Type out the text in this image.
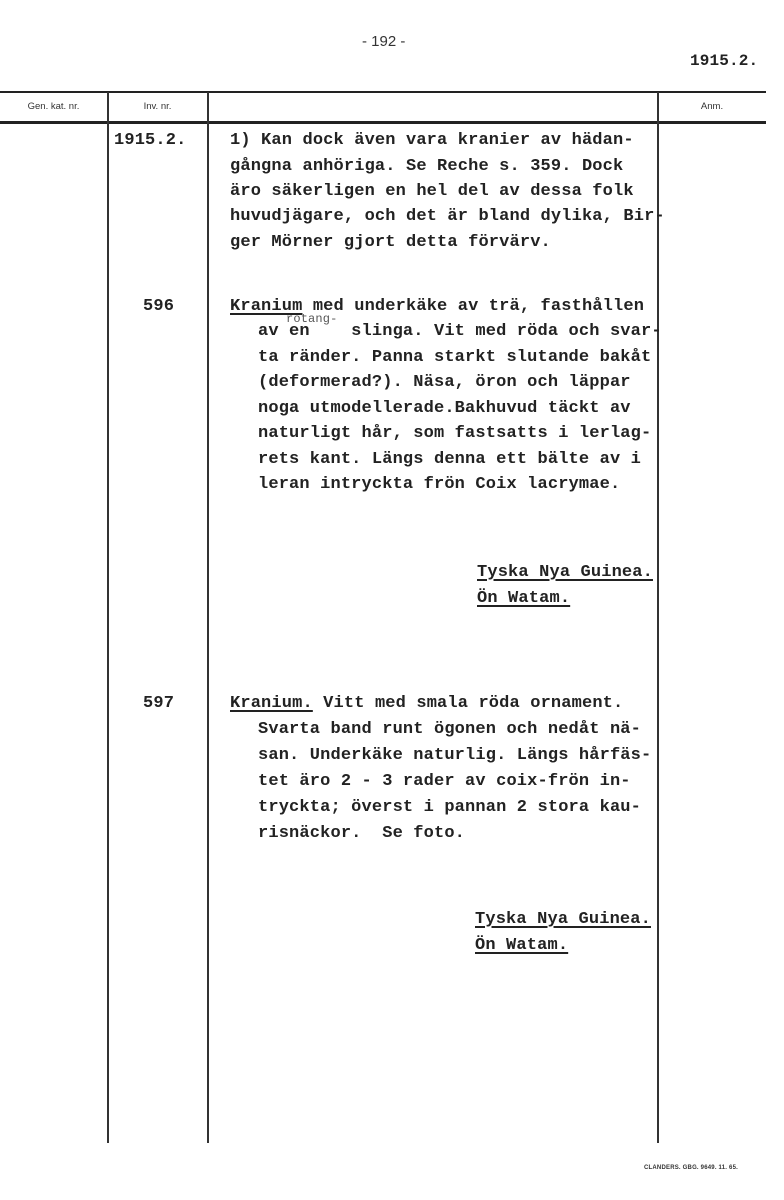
- 192 -
1915.2.
Gen. kat. nr.	Inv. nr.	Anm.
1915.2.	1) Kan dock även vara kranier av hädan-
gångna anhöriga. Se Reche s. 359. Dock
äro säkerligen en hel del av dessa folk
huvudjägare, och det är bland dylika, Bir-
ger Mörner gjort detta förvärv.
596	Kranium med underkäke av trä, fasthållen
rotang-
av en    slinga. Vit med röda och svar-
ta ränder. Panna starkt slutande bakåt
(deformerad?). Näsa, öron och läppar
noga utmodellerade.Bakhuvud täckt av
naturligt hår, som fastsatts i lerlag-
rets kant. Längs denna ett bälte av i
leran intryckta frön Coix lacrymae.
Tyska Nya Guinea.
Ön Watam.
597	Kranium. Vitt med smala röda ornament.
Svarta band runt ögonen och nedåt nä-
san. Underkäke naturlig. Längs hårfäs-
tet äro 2 - 3 rader av coix-frön in-
tryckta; överst i pannan 2 stora kau-
risnäckor.  Se foto.
Tyska Nya Guinea.
Ön Watam.
CLANDERS. GBG. 9649. 11. 65.
